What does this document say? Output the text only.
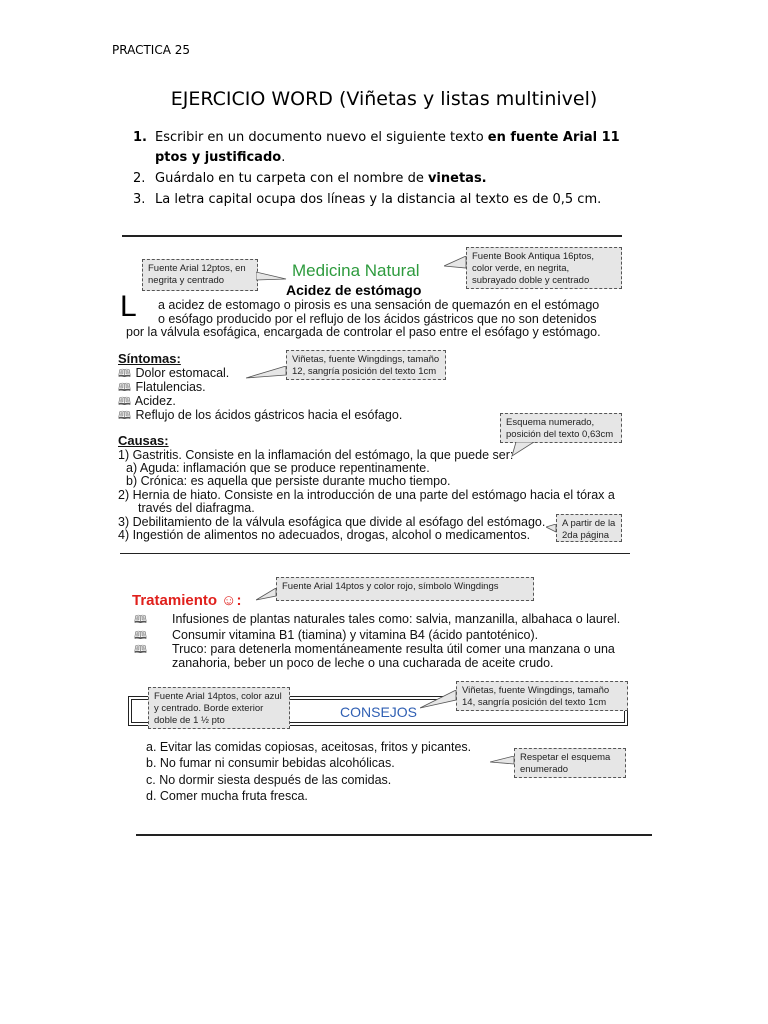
PRACTICA 25
EJERCICIO WORD (Viñetas y listas multinivel)
1. Escribir en un documento nuevo el siguiente texto en fuente Arial 11 ptos y justificado.
2. Guárdalo en tu carpeta con el nombre de vinetas.
3. La letra capital ocupa dos líneas y la distancia al texto es de 0,5 cm.
Fuente Arial 12ptos, en negrita y centrado
Fuente Book Antiqua 16ptos, color verde, en negrita, subrayado doble y centrado
Medicina Natural
Acidez de estómago
L a acidez de estomago o pirosis es una sensación de quemazón en el estómago
o esófago producido por el reflujo de los ácidos gástricos que no son detenidos
por la válvula esofágica, encargada de controlar el paso entre el esófago y estómago.
Síntomas:	Viñetas, fuente Wingdings, tamaño 12, sangría posición del texto 1cm
🕮 Dolor estomacal.
🕮 Flatulencias.
🕮 Acidez.
🕮 Reflujo de los ácidos gástricos hacia el esófago.
Esquema numerado, posición del texto 0,63cm
Causas:
1) Gastritis. Consiste en la inflamación del estómago, la que puede ser:
a) Aguda: inflamación que se produce repentinamente.
b) Crónica: es aquella que persiste durante mucho tiempo.
2) Hernia de hiato. Consiste en la introducción de una parte del estómago hacia el tórax a
través del diafragma.
3) Debilitamiento de la válvula esofágica que divide al esófago del estómago.
4) Ingestión de alimentos no adecuados, drogas, alcohol o medicamentos.
A partir de la 2da página
Fuente Arial 14ptos y color rojo, símbolo Wingdings
Tratamiento ☺:
🕮 Infusiones de plantas naturales tales como: salvia, manzanilla, albahaca o laurel.
🕮 Consumir vitamina B1 (tiamina) y vitamina B4 (ácido pantoténico).
🕮 Truco: para detenerla momentáneamente resulta útil comer una manzana o una
zanahoria, beber un poco de leche o una cucharada de aceite crudo.
CONSEJOS
Fuente Arial 14ptos, color azul y centrado. Borde exterior doble de 1 ½ pto
Viñetas, fuente Wingdings, tamaño 14, sangría posición del texto 1cm
a. Evitar las comidas copiosas, aceitosas, fritos y picantes.
b. No fumar ni consumir bebidas alcohólicas.
c. No dormir siesta después de las comidas.
d. Comer mucha fruta fresca.
Respetar el esquema enumerado
